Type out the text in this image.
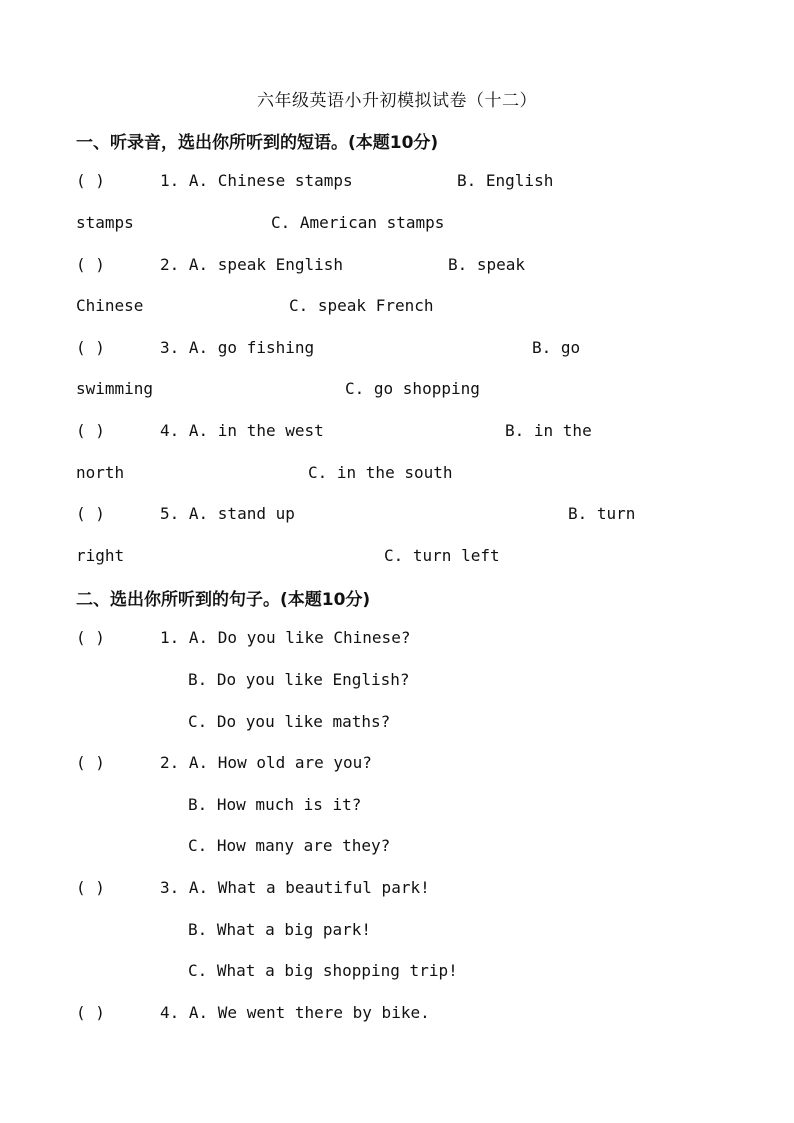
六年级英语小升初模拟试卷（十二）
一、听录音，选出你所听到的短语。(本题10分)
( )	1. A. Chinese stamps	B. English
stamps	C. American stamps
( )	2. A. speak English	B. speak
Chinese	C. speak French
( )	3. A. go fishing	B. go
swimming	C. go shopping
( )	4. A. in the west	B. in the
north	C. in the south
( )	5. A. stand up	B. turn
right	C. turn left
二、选出你所听到的句子。(本题10分)
( )	1. A. Do you like Chinese?
B. Do you like English?
C. Do you like maths?
( )	2. A. How old are you?
B. How much is it?
C. How many are they?
( )	3. A. What a beautiful park!
B. What a big park!
C. What a big shopping trip!
( )	4. A. We went there by bike.
